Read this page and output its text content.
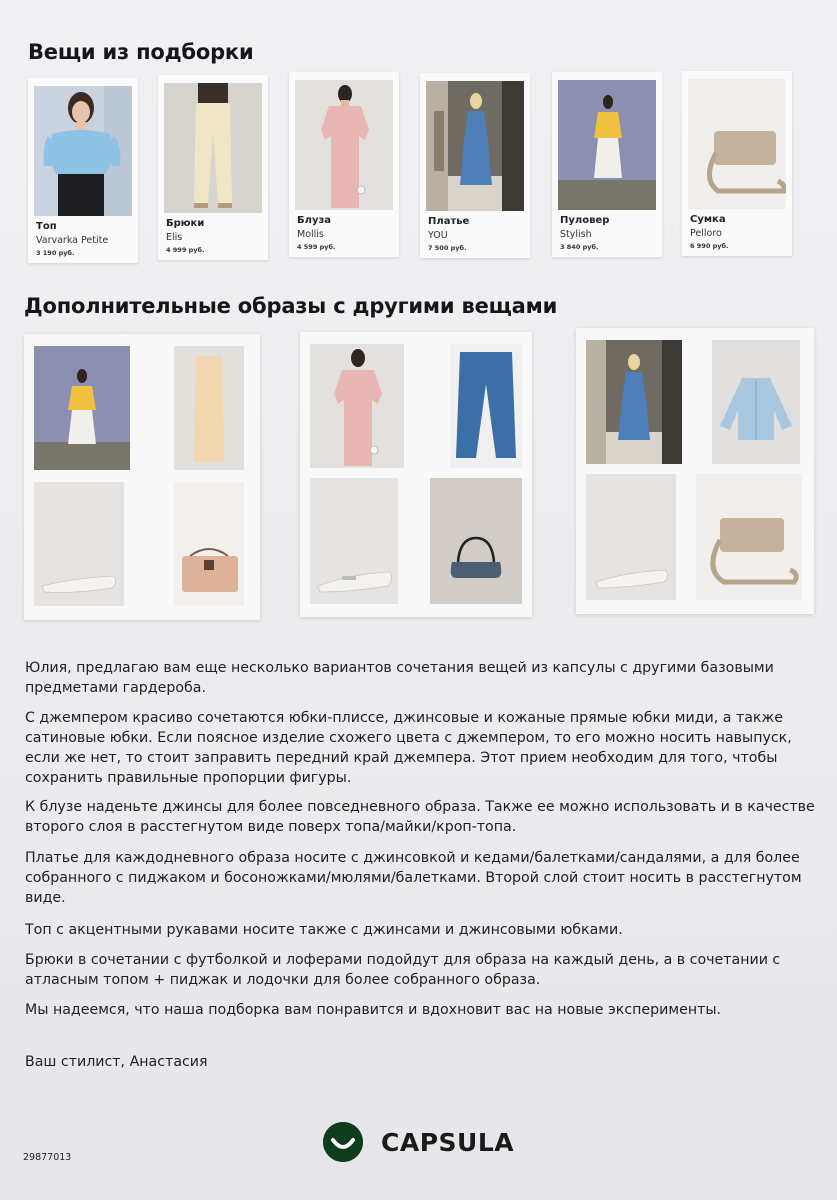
Вещи из подборки
Топ
Varvarka Petite
3 190 руб.
Брюки
Elis
4 999 руб.
Блуза
Mollis
4 599 руб.
Платье
YOU
7 500 руб.
Пуловер
Stylish
3 840 руб.
Сумка
Pelloro
6 990 руб.
Дополнительные образы с другими вещами

Юлия, предлагаю вам еще несколько вариантов сочетания вещей из капсулы с другими базовыми предметами гардероба.

С джемпером красиво сочетаются юбки-плиссе, джинсовые и кожаные прямые юбки миди, а также сатиновые юбки. Если поясное изделие схожего цвета с джемпером, то его можно носить навыпуск, если же нет, то стоит заправить передний край джемпера. Этот прием необходим для того, чтобы сохранить правильные пропорции фигуры.

К блузе наденьте джинсы для более повседневного образа. Также ее можно использовать и в качестве второго слоя в расстегнутом виде поверх топа/майки/кроп-топа.

Платье для каждодневного образа носите с джинсовкой и кедами/балетками/сандалями, а для более собранного с пиджаком и босоножками/мюлями/балетками. Второй слой стоит носить в расстегнутом виде.

Топ с акцентными рукавами носите также с джинсами и джинсовыми юбками.

Брюки в сочетании с футболкой и лоферами подойдут для образа на каждый день, а в сочетании с атласным топом + пиджак и лодочки для более собранного образа.

Мы надеемся, что наша подборка вам понравится и вдохновит вас на новые эксперименты.

Ваш стилист, Анастасия

CAPSULA
29877013
